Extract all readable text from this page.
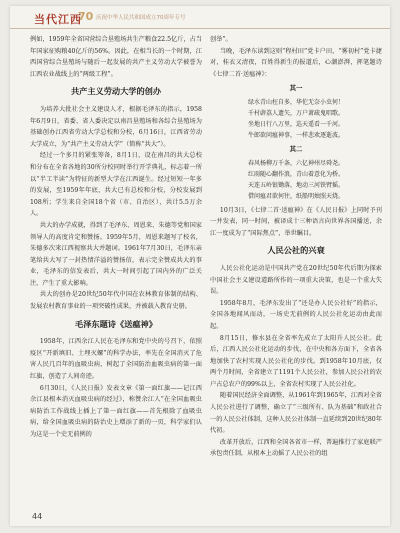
当代江西
70 庆祝中华人民共和国成立70周年专号

例如，1959年全省国营综合垦殖场共生产粮食22.5亿斤，占当年国家征购粮40亿斤的56%。因此，在相当长的一个时期，江西国营综合垦殖场与随后一起发展的共产主义劳动大学被誉为江西农业战线上的“两级工程”。

共产主义劳动大学的创办

为培养大批社会主义建设人才，根据毛泽东的指示，1958年6月9日，省委、省人委决定以南昌垦殖场和各综合垦殖场为基础创办江西省劳动大学总校和分校，6月16日，江西省劳动大学成立，为“共产主义劳动大学”（简称“共大”）。

经过一个多月的紧张筹备，8月1日，设在南昌的共大总校和分布在全省各地的30所分校同时举行开学典礼，标志着一所以“半工半读”为特征的新型大学在江西诞生。经过短短一年多的发展，至1959年年底，共大已有总校和分校，分校发展到108所；学生来自全国18个省（市、自治区），共计5.5万余人。

共大的办学成就，得到了毛泽东、周恩来、朱德等党和国家领导人的高度肯定和赞扬。1959年5月，周恩来题写了校名，朱德多次来江西视察共大并题词。1961年7月30日，毛泽东亲笔给共大写了一封热情洋溢的赞扬信，表示完全赞成共大的事业，毛泽东的信发表后，共大一时间引起了国内外的广泛关注，产生了重大影响。

共大的创办是20世纪50年代中国在农林教育体制的结构、发展农村教育事业的一项突破性成果，并被载入教育史册。

毛泽东题诗《送瘟神》

1958年，江西余江人民在毛泽东和党中央的号召下，依照疫区“开新填旧、土埋灭螺”的科学办法，率先在全国消灭了危害人民几百年的血吸虫病，树起了全国防治血吸虫病的第一面红旗，创造了人间奇迹。

6月30日，《人民日报》发表文章《第一面红旗——记江西余江县根本消灭血吸虫病的经过》，称赞余江人“在全国血吸虫病防治工作战线上插上了第一面红旗——首先根除了血吸虫病，给全国血吸虫病的防治史上增添了新的一页，科学家们认为这是一个史无前例的

创举”。

当晚，毛泽东读到这则“程村田”党卡户田，“雾初村”党卡捷对，桂衣又清夜，百姓得新生的报道后，心潮澎湃，挥笔题诗《七律二首·送瘟神》：

其一
绿水青山枉自多，华佗无奈小虫何！
千村薜荔人遗矢，万户萧疏鬼唱歌。
坐地日行八万里，巡天遥看一千河。
牛郎欲问瘟神事，一样悲欢逐逝波。
其二
春风杨柳万千条，六亿神州尽舜尧。
红雨随心翻作浪，青山着意化为桥。
天连五岭银锄落，地动三河铁臂摇。
借问瘟君欲何往，纸船明烛照天烧。

10月3日，《七律二首·送瘟神》在《人民日报》上同时予刊一并发表，同一时间，被译成十三种语言向世界各国播送，余江一度成为了“国际焦点”，举世瞩目。

人民公社的兴衰

人民公社化运动是中国共产党在20世纪50年代后期为探索中国社会主义建设道路所作的一项重大决策，也是一个重大失误。

1958年8月，毛泽东发出了“还是办人民公社好”的指示，全国各地闻风而动，一场史无前例的人民公社化运动由此而起。

8月15日，修水县在全省率先成立了太阳升人民公社。此后，江西人民公社化运动的步伐，在中央和各方面下，全省各地加快了农村实现人民公社化的步伐。到1958年10月底，仅两个月时间，全省建立了1191个人民公社，参加人民公社的农户占总农户的99%以上，全省农村实现了人民公社化。

随着国民经济全面调整，从1961年到1965年，江西对全省人民公社进行了调整，确立了“三级所有、队为基础”和政社合一的人民公社体制，这种人民公社体制一直延续到20世纪80年代初。

改革开放后，江西和全国各省市一样，普遍推行了家庭联产承包责任制，从根本上动摇了人民公社的组

44
